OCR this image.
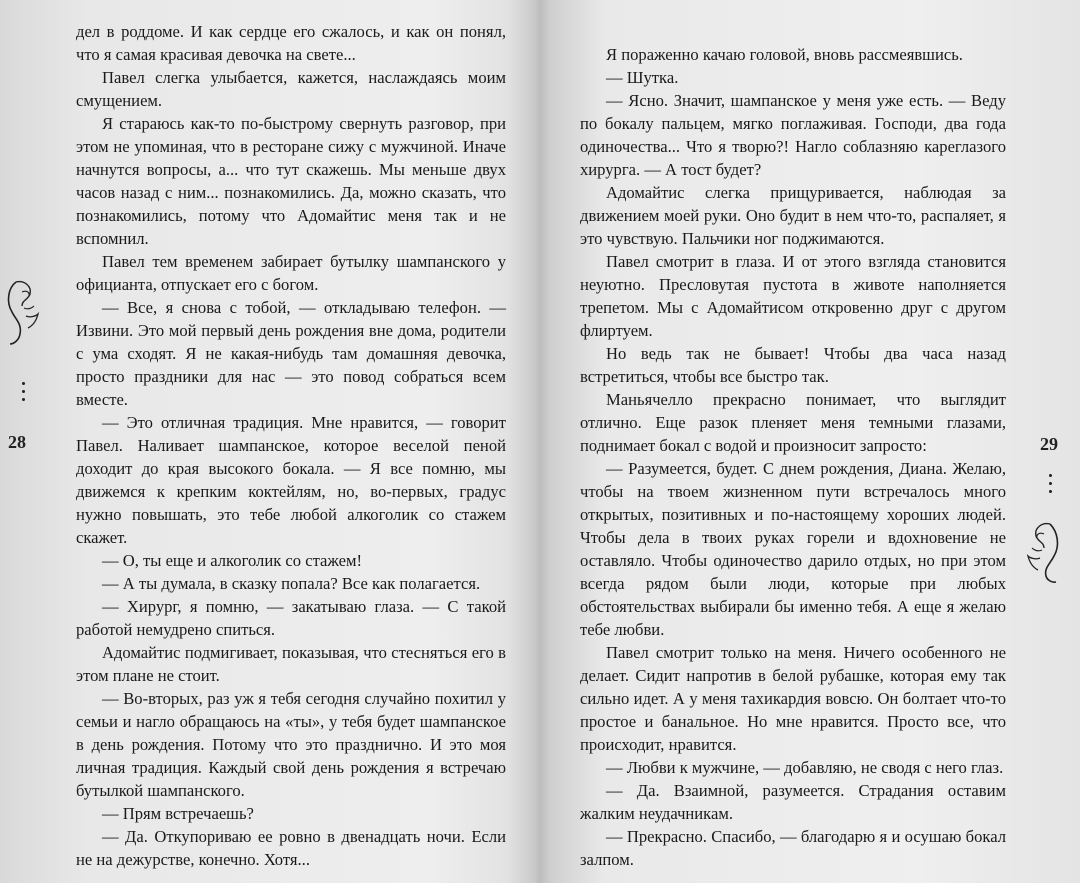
дел в роддоме. И как сердце его сжалось, и как он понял, что я самая красивая девочка на свете...

Павел слегка улыбается, кажется, наслаждаясь моим смущением.

Я стараюсь как-то по-быстрому свернуть разговор, при этом не упоминая, что в ресторане сижу с мужчиной. Иначе начнутся вопросы, а... что тут скажешь. Мы меньше двух часов назад с ним... познакомились. Да, можно сказать, что познакомились, потому что Адомайтис меня так и не вспомнил.

Павел тем временем забирает бутылку шампанского у официанта, отпускает его с богом.

— Все, я снова с тобой, — откладываю телефон. — Извини. Это мой первый день рождения вне дома, родители с ума сходят. Я не какая-нибудь там домашняя девочка, просто праздники для нас — это повод собраться всем вместе.

— Это отличная традиция. Мне нравится, — говорит Павел. Наливает шампанское, которое веселой пеной доходит до края высокого бокала. — Я все помню, мы движемся к крепким коктейлям, но, во-первых, градус нужно повышать, это тебе любой алкоголик со стажем скажет.

— О, ты еще и алкоголик со стажем!

— А ты думала, в сказку попала? Все как полагается.

— Хирург, я помню, — закатываю глаза. — С такой работой немудрено спиться.

Адомайтис подмигивает, показывая, что стесняться его в этом плане не стоит.

— Во-вторых, раз уж я тебя сегодня случайно похитил у семьи и нагло обращаюсь на «ты», у тебя будет шампанское в день рождения. Потому что это празднично. И это моя личная традиция. Каждый свой день рождения я встречаю бутылкой шампанского.

— Прям встречаешь?

— Да. Откупориваю ее ровно в двенадцать ночи. Если не на дежурстве, конечно. Хотя...

28

Я пораженно качаю головой, вновь рассмеявшись.

— Шутка.

— Ясно. Значит, шампанское у меня уже есть. — Веду по бокалу пальцем, мягко поглаживая. Господи, два года одиночества... Что я творю?! Нагло соблазняю кареглазого хирурга. — А тост будет?

Адомайтис слегка прищуривается, наблюдая за движением моей руки. Оно будит в нем что-то, распаляет, я это чувствую. Пальчики ног поджимаются.

Павел смотрит в глаза. И от этого взгляда становится неуютно. Пресловутая пустота в животе наполняется трепетом. Мы с Адомайтисом откровенно друг с другом флиртуем.

Но ведь так не бывает! Чтобы два часа назад встретиться, чтобы все быстро так.

Маньячелло прекрасно понимает, что выглядит отлично. Еще разок пленяет меня темными глазами, поднимает бокал с водой и произносит запросто:

— Разумеется, будет. С днем рождения, Диана. Желаю, чтобы на твоем жизненном пути встречалось много открытых, позитивных и по-настоящему хороших людей. Чтобы дела в твоих руках горели и вдохновение не оставляло. Чтобы одиночество дарило отдых, но при этом всегда рядом были люди, которые при любых обстоятельствах выбирали бы именно тебя. А еще я желаю тебе любви.

Павел смотрит только на меня. Ничего особенного не делает. Сидит напротив в белой рубашке, которая ему так сильно идет. А у меня тахикардия вовсю. Он болтает что-то простое и банальное. Но мне нравится. Просто все, что происходит, нравится.

— Любви к мужчине, — добавляю, не сводя с него глаз.

— Да. Взаимной, разумеется. Страдания оставим жалким неудачникам.

— Прекрасно. Спасибо, — благодарю я и осушаю бокал залпом.

29
